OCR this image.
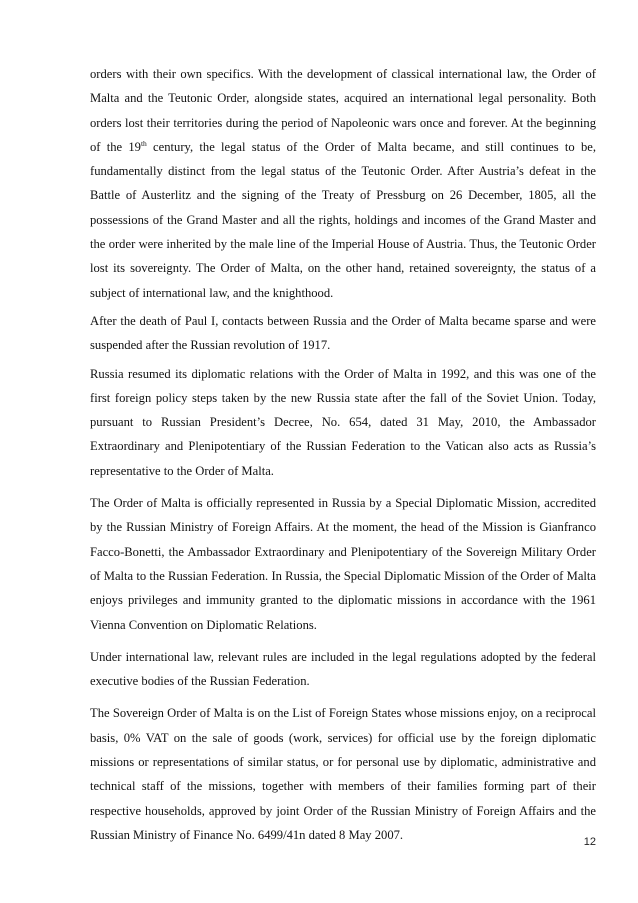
orders with their own specifics. With the development of classical international law, the Order of Malta and the Teutonic Order, alongside states, acquired an international legal personality. Both orders lost their territories during the period of Napoleonic wars once and forever. At the beginning of the 19th century, the legal status of the Order of Malta became, and still continues to be, fundamentally distinct from the legal status of the Teutonic Order. After Austria’s defeat in the Battle of Austerlitz and the signing of the Treaty of Pressburg on 26 December, 1805, all the possessions of the Grand Master and all the rights, holdings and incomes of the Grand Master and the order were inherited by the male line of the Imperial House of Austria. Thus, the Teutonic Order lost its sovereignty. The Order of Malta, on the other hand, retained sovereignty, the status of a subject of international law, and the knighthood.

After the death of Paul I, contacts between Russia and the Order of Malta became sparse and were suspended after the Russian revolution of 1917.

Russia resumed its diplomatic relations with the Order of Malta in 1992, and this was one of the first foreign policy steps taken by the new Russia state after the fall of the Soviet Union. Today, pursuant to Russian President’s Decree, No. 654, dated 31 May, 2010, the Ambassador Extraordinary and Plenipotentiary of the Russian Federation to the Vatican also acts as Russia’s representative to the Order of Malta.

The Order of Malta is officially represented in Russia by a Special Diplomatic Mission, accredited by the Russian Ministry of Foreign Affairs. At the moment, the head of the Mission is Gianfranco Facco-Bonetti, the Ambassador Extraordinary and Plenipotentiary of the Sovereign Military Order of Malta to the Russian Federation. In Russia, the Special Diplomatic Mission of the Order of Malta enjoys privileges and immunity granted to the diplomatic missions in accordance with the 1961 Vienna Convention on Diplomatic Relations.

Under international law, relevant rules are included in the legal regulations adopted by the federal executive bodies of the Russian Federation.

The Sovereign Order of Malta is on the List of Foreign States whose missions enjoy, on a reciprocal basis, 0% VAT on the sale of goods (work, services) for official use by the foreign diplomatic missions or representations of similar status, or for personal use by diplomatic, administrative and technical staff of the missions, together with members of their families forming part of their respective households, approved by joint Order of the Russian Ministry of Foreign Affairs and the Russian Ministry of Finance No. 6499/41n dated 8 May 2007.

12
